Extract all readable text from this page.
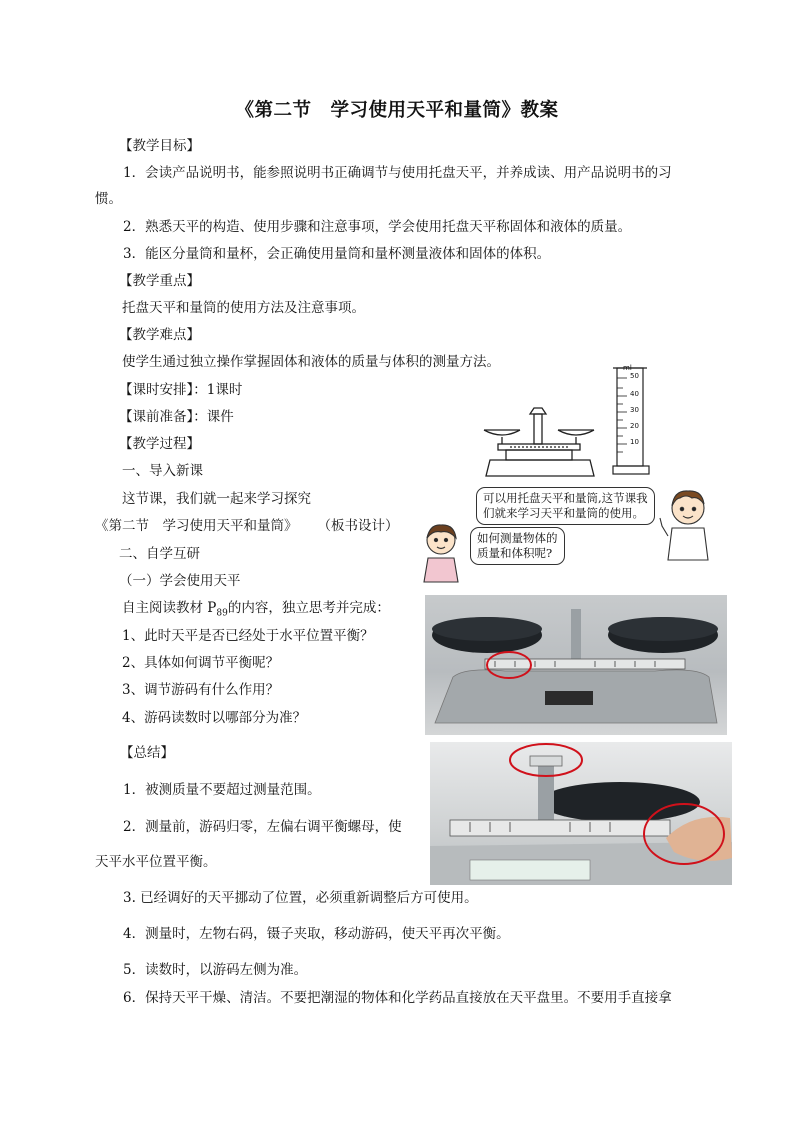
《第二节　学习使用天平和量筒》教案
【教学目标】
1．会读产品说明书，能参照说明书正确调节与使用托盘天平，并养成读、用产品说明书的习
惯。
2．熟悉天平的构造、使用步骤和注意事项，学会使用托盘天平称固体和液体的质量。
3．能区分量筒和量杯，会正确使用量筒和量杯测量液体和固体的体积。
【教学重点】
托盘天平和量筒的使用方法及注意事项。
【教学难点】
使学生通过独立操作掌握固体和液体的质量与体积的测量方法。
【课时安排】：1课时
【课前准备】：课件
【教学过程】
一、导入新课
这节课，我们就一起来学习探究
《第二节　学习使用天平和量筒》 （板书设计）
二、自学互研
（一）学会使用天平
自主阅读教材 $P_{89}$的内容，独立思考并完成：
1、此时天平是否已经处于水平位置平衡？
2、具体如何调节平衡呢？
3、调节游码有什么作用？
4、游码读数时以哪部分为准？
【总结】
1．被测质量不要超过测量范围。
2．测量前，游码归零，左偏右调平衡螺母，使
天平水平位置平衡。
3. 已经调好的天平挪动了位置，必须重新调整后方可使用。
4．测量时，左物右码，镊子夹取，移动游码，使天平再次平衡。
5．读数时，以游码左侧为准。
6．保持天平干燥、清洁。不要把潮湿的物体和化学药品直接放在天平盘里。不要用手直接拿
ml
50
40
30
20
10
可以用托盘天平和量筒,这节课我
们就来学习天平和量筒的使用。
如何测量物体的
质量和体积呢?
